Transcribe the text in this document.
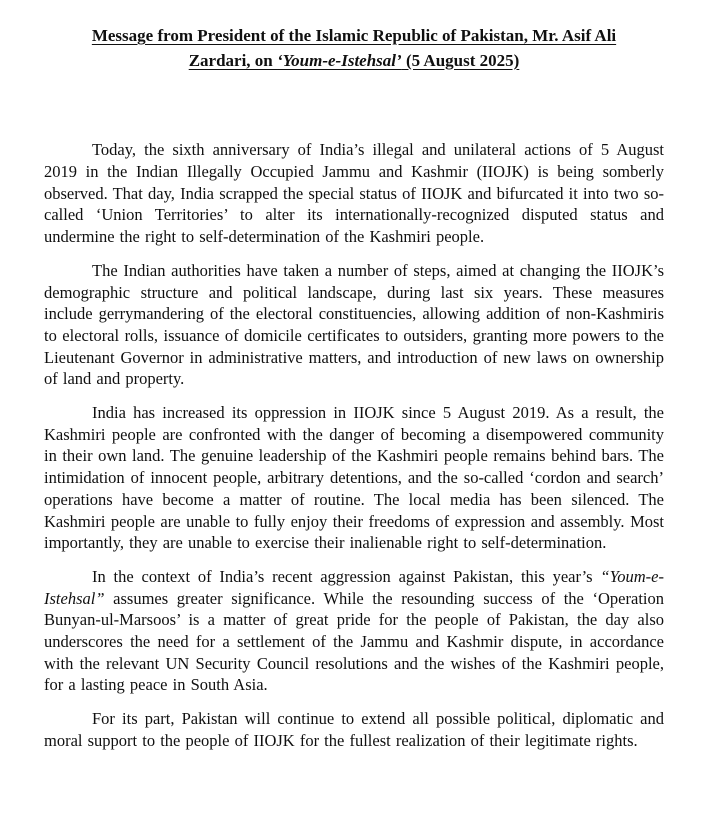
Message from President of the Islamic Republic of Pakistan, Mr. Asif Ali Zardari, on ‘Youm-e-Istehsal’ (5 August 2025)

Today, the sixth anniversary of India’s illegal and unilateral actions of 5 August 2019 in the Indian Illegally Occupied Jammu and Kashmir (IIOJK) is being somberly observed. That day, India scrapped the special status of IIOJK and bifurcated it into two so-called ‘Union Territories’ to alter its internationally-recognized disputed status and undermine the right to self-determination of the Kashmiri people.

The Indian authorities have taken a number of steps, aimed at changing the IIOJK’s demographic structure and political landscape, during last six years. These measures include gerrymandering of the electoral constituencies, allowing addition of non-Kashmiris to electoral rolls, issuance of domicile certificates to outsiders, granting more powers to the Lieutenant Governor in administrative matters, and introduction of new laws on ownership of land and property.

India has increased its oppression in IIOJK since 5 August 2019. As a result, the Kashmiri people are confronted with the danger of becoming a disempowered community in their own land. The genuine leadership of the Kashmiri people remains behind bars. The intimidation of innocent people, arbitrary detentions, and the so-called ‘cordon and search’ operations have become a matter of routine. The local media has been silenced. The Kashmiri people are unable to fully enjoy their freedoms of expression and assembly. Most importantly, they are unable to exercise their inalienable right to self-determination.

In the context of India’s recent aggression against Pakistan, this year’s “Youm-e-Istehsal” assumes greater significance. While the resounding success of the ‘Operation Bunyan-ul-Marsoos’ is a matter of great pride for the people of Pakistan, the day also underscores the need for a settlement of the Jammu and Kashmir dispute, in accordance with the relevant UN Security Council resolutions and the wishes of the Kashmiri people, for a lasting peace in South Asia.

For its part, Pakistan will continue to extend all possible political, diplomatic and moral support to the people of IIOJK for the fullest realization of their legitimate rights.
